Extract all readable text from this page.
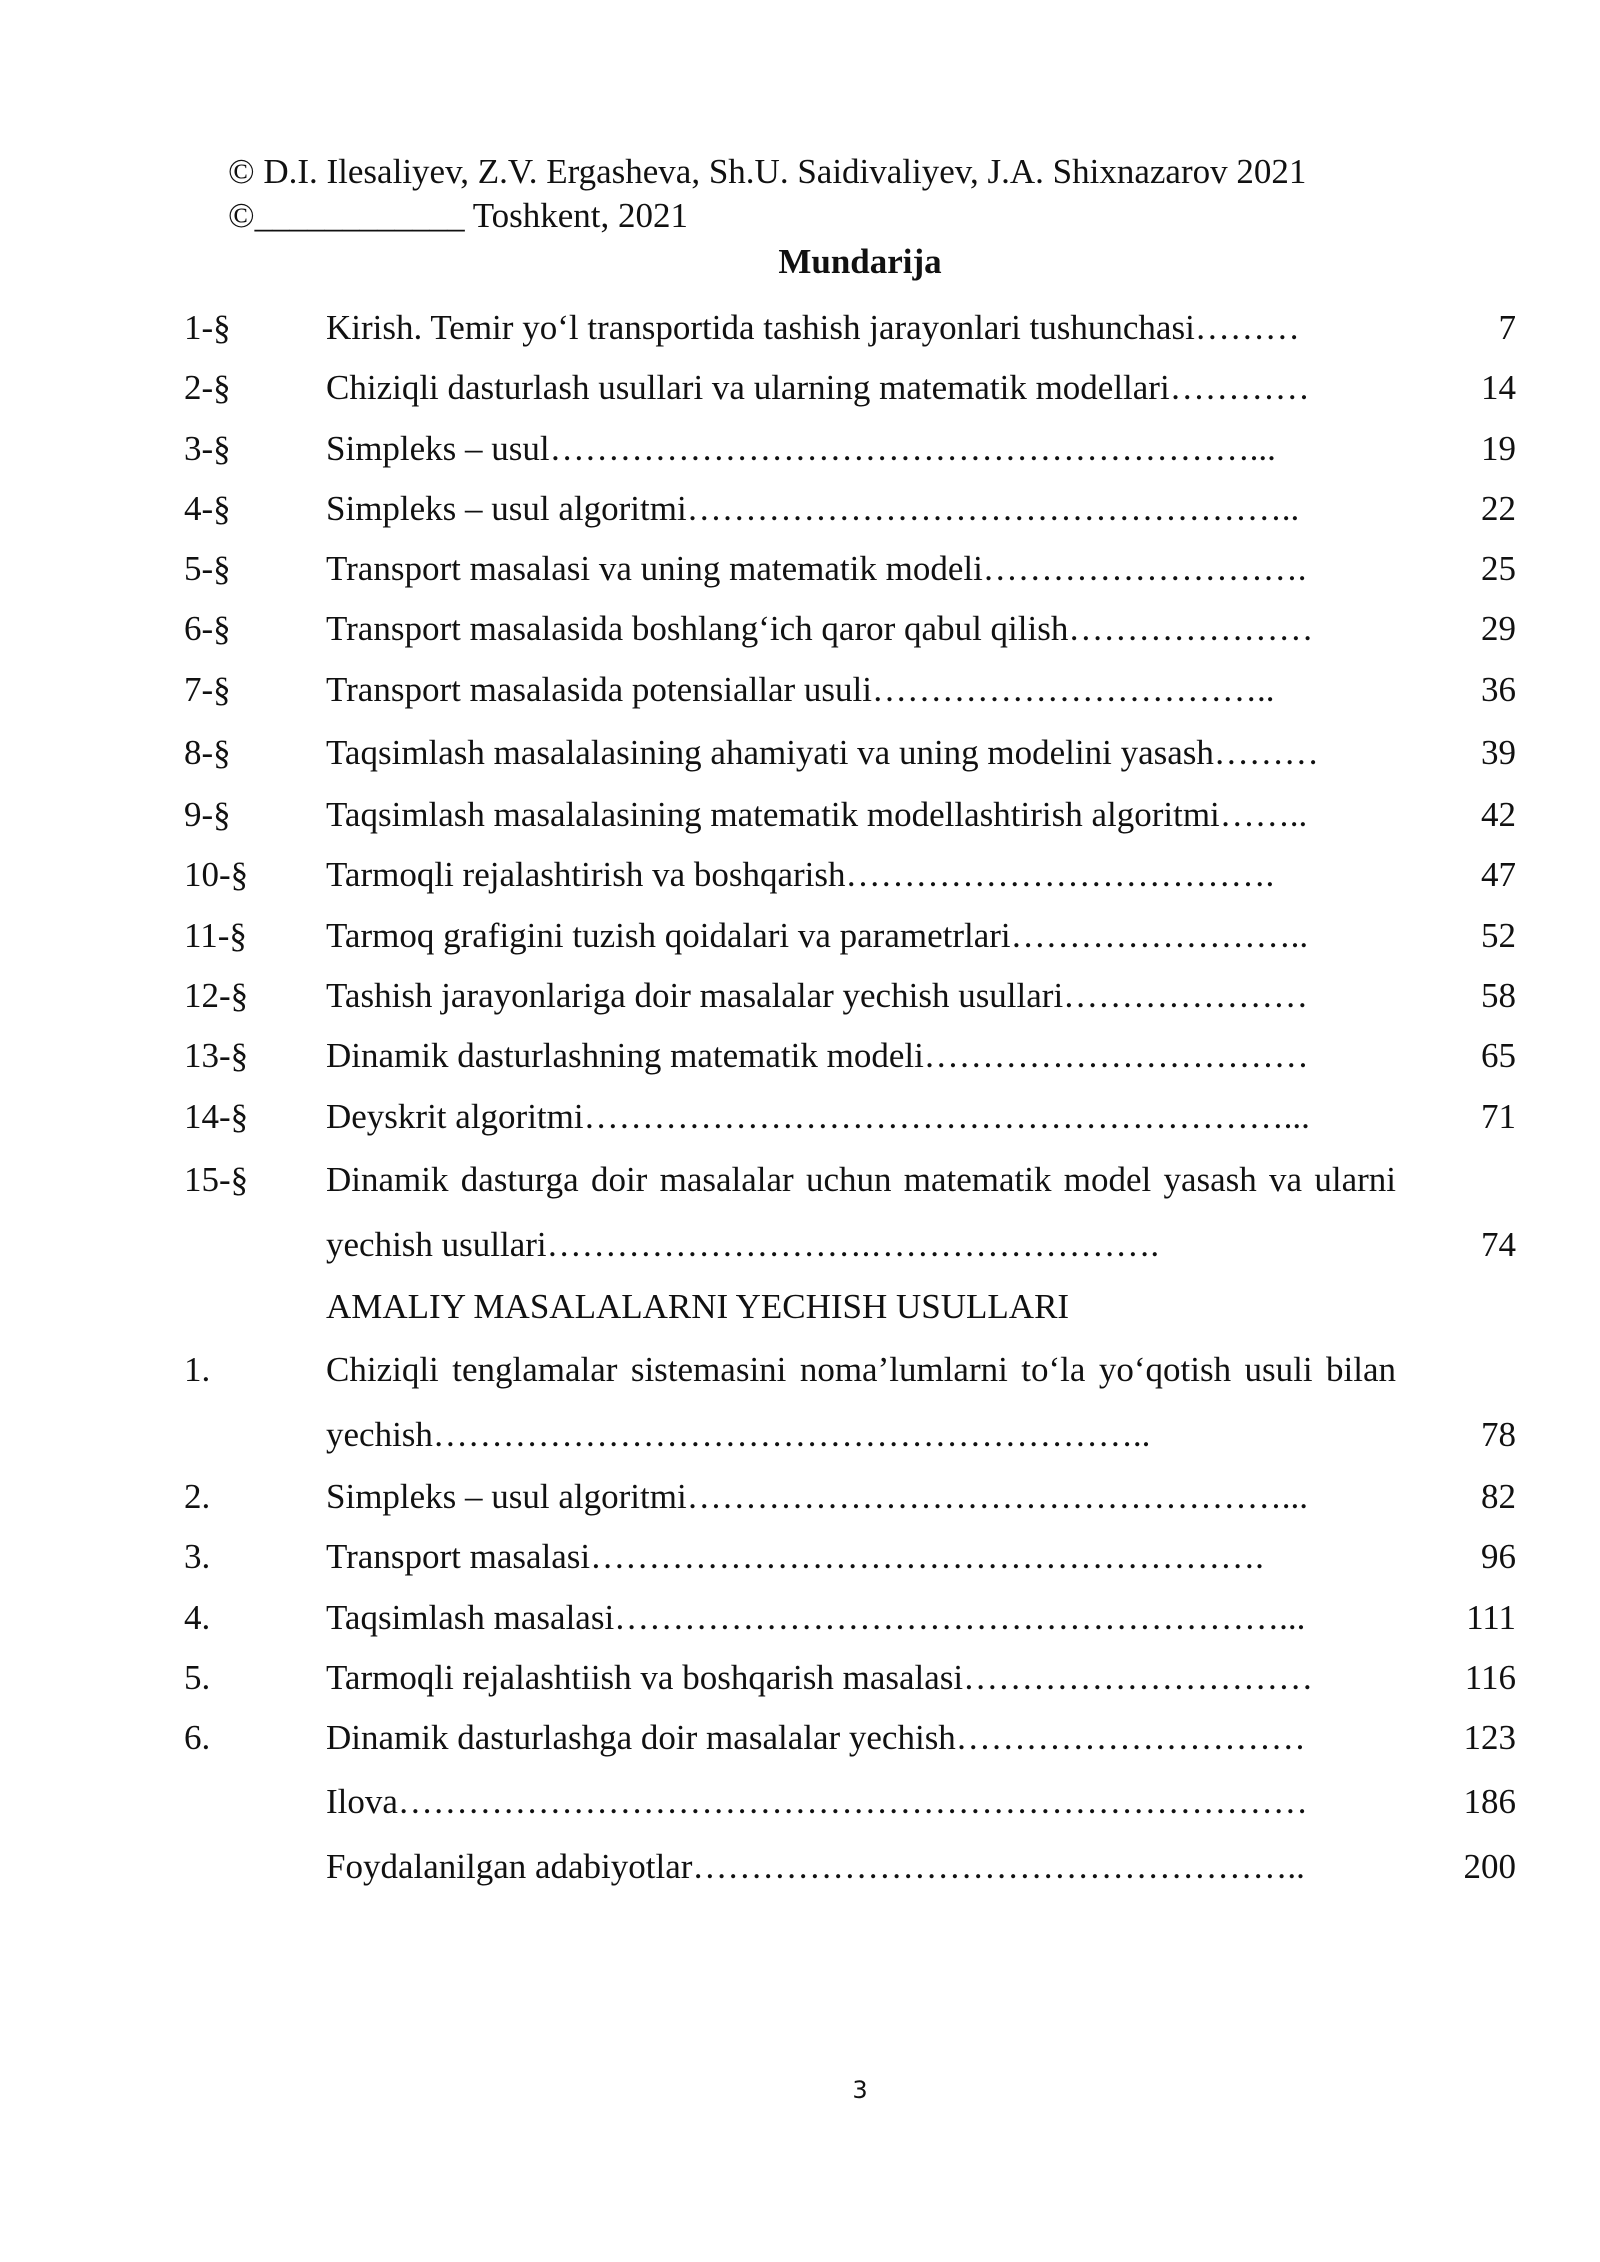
© D.I. Ilesaliyev, Z.V. Ergasheva, Sh.U. Saidivaliyev, J.A. Shixnazarov 2021
©____________ Toshkent, 2021
Mundarija
1-§	Kirish. Temir yo‘l transportida tashish jarayonlari tushunchasi………	7
2-§	Chiziqli dasturlash usullari va ularning matematik modellari…………	14
3-§	Simpleks – usul……………………………………………………...	19
4-§	Simpleks – usul algoritmi……………………………………………..	22
5-§	Transport masalasi va uning matematik modeli……………………….	25
6-§	Transport masalasida boshlang‘ich qaror qabul qilish…………………	29
7-§	Transport masalasida potensiallar usuli……………………………..	36
8-§	Taqsimlash masalalasining ahamiyati va uning modelini yasash………	39
9-§	Taqsimlash masalalasining matematik modellashtirish algoritmi……..	42
10-§	Tarmoqli rejalashtirish va boshqarish……………………………….	47
11-§	Tarmoq grafigini tuzish qoidalari va parametrlari……………………..	52
12-§	Tashish jarayonlariga doir masalalar yechish usullari…………………	58
13-§	Dinamik dasturlashning matematik modeli……………………………	65
14-§	Deyskrit algoritmi……………………………………………………...	71
15-§	Dinamik dasturga doir masalalar uchun matematik model yasash va ularni yechish usullari……………………….…………………….	74
AMALIY MASALALARNI YECHISH USULLARI
1.	Chiziqli tenglamalar sistemasini noma’lumlarni to‘la yo‘qotish usuli bilan yechish……………………………………………………..	78
2.	Simpleks – usul algoritmi……………………………………………...	82
3.	Transport masalasi………………………………………………….	96
4.	Taqsimlash masalasi…………………………………………………...	111
5.	Tarmoqli rejalashtiish va boshqarish masalasi…………………………	116
6.	Dinamik dasturlashga doir masalalar yechish…………………………	123
Ilova……………………………………………………………………	186
Foydalanilgan adabiyotlar……………………………………………..	200
3
